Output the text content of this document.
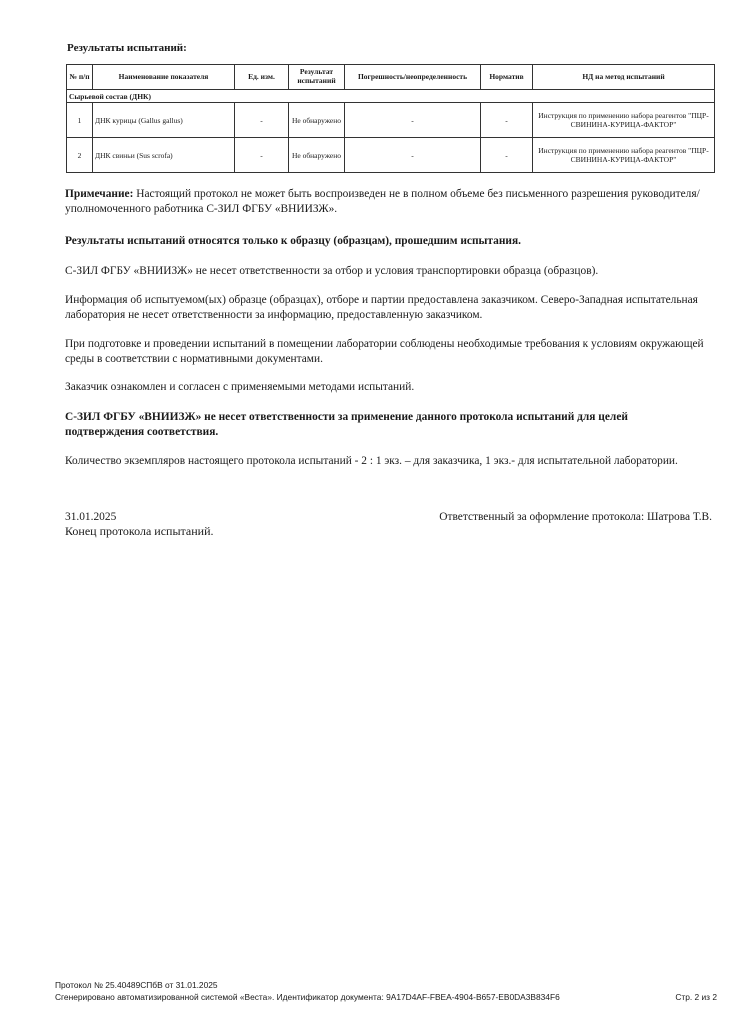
Результаты испытаний:
№ п/п	Наименование показателя	Ед. изм.	Результат испытаний	Погрешность/неопределенность	Норматив	НД на метод испытаний
Сырьевой состав (ДНК)						
1	ДНК курицы (Gallus gallus)	-	Не обнаружено	-	-	Инструкция по применению набора реагентов "ПЦР-СВИНИНА-КУРИЦА-ФАКТОР"
2	ДНК свиньи (Sus scrofa)	-	Не обнаружено	-	-	Инструкция по применению набора реагентов "ПЦР-СВИНИНА-КУРИЦА-ФАКТОР"

Примечание: Настоящий протокол не может быть воспроизведен не в полном объеме без письменного разрешения руководителя/уполномоченного работника С-ЗИЛ ФГБУ «ВНИИЗЖ».

Результаты испытаний относятся только к образцу (образцам), прошедшим испытания.

С-ЗИЛ ФГБУ «ВНИИЗЖ» не несет ответственности за отбор и условия транспортировки образца (образцов).

Информация об испытуемом(ых) образце (образцах), отборе и партии предоставлена заказчиком. Северо-Западная испытательная лаборатория не несет ответственности за информацию, предоставленную заказчиком.

При подготовке и проведении испытаний в помещении лаборатории соблюдены необходимые требования к условиям окружающей среды в соответствии с нормативными документами.

Заказчик ознакомлен и согласен с применяемыми методами испытаний.

С-ЗИЛ ФГБУ «ВНИИЗЖ» не несет ответственности за применение данного протокола испытаний для целей подтверждения соответствия.

Количество экземпляров настоящего протокола испытаний - 2 : 1 экз. – для заказчика, 1 экз.- для испытательной лаборатории.

31.01.2025
Конец протокола испытаний.
Ответственный за оформление протокола: Шатрова Т.В.
Протокол № 25.40489СПбВ от 31.01.2025
Сгенерировано автоматизированной системой «Веста». Идентификатор документа: 9A17D4AF-FBEA-4904-B657-EB0DA3B834F6	Стр. 2 из 2
